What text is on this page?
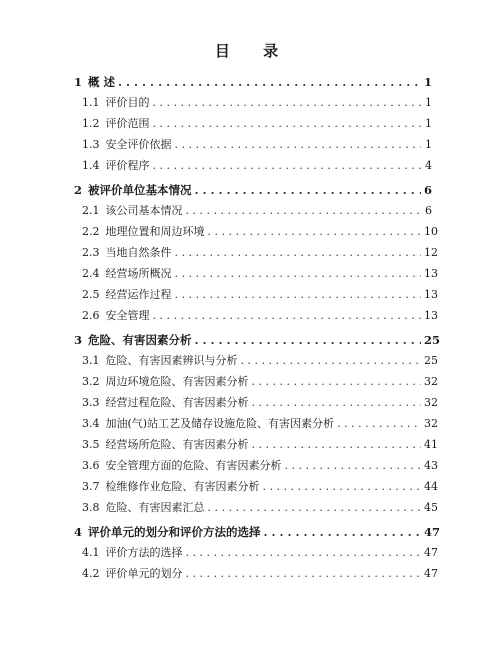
目 录
1 概 述 . . .	1
1.1 评价目的 . . .	1
1.2 评价范围 . . .	1
1.3 安全评价依据 . . .	1
1.4 评价程序 . . .	4
2 被评价单位基本情况 . . .	6
2.1 该公司基本情况 . . .	6
2.2 地理位置和周边环境 . . .	10
2.3 当地自然条件 . . .	12
2.4 经营场所概况 . . .	13
2.5 经营运作过程 . . .	13
2.6 安全管理 . . .	13
3 危险、有害因素分析 . . .	25
3.1 危险、有害因素辨识与分析 . . .	25
3.2 周边环境危险、有害因素分析 . . .	32
3.3 经营过程危险、有害因素分析 . . .	32
3.4 加油(气)站工艺及储存设施危险、有害因素分析 . . .	32
3.5 经营场所危险、有害因素分析 . . .	41
3.6 安全管理方面的危险、有害因素分析 . . .	43
3.7 检维修作业危险、有害因素分析 . . .	44
3.8 危险、有害因素汇总 . . .	45
4 评价单元的划分和评价方法的选择 . . .	47
4.1 评价方法的选择 . . .	47
4.2 评价单元的划分 . . .	47
